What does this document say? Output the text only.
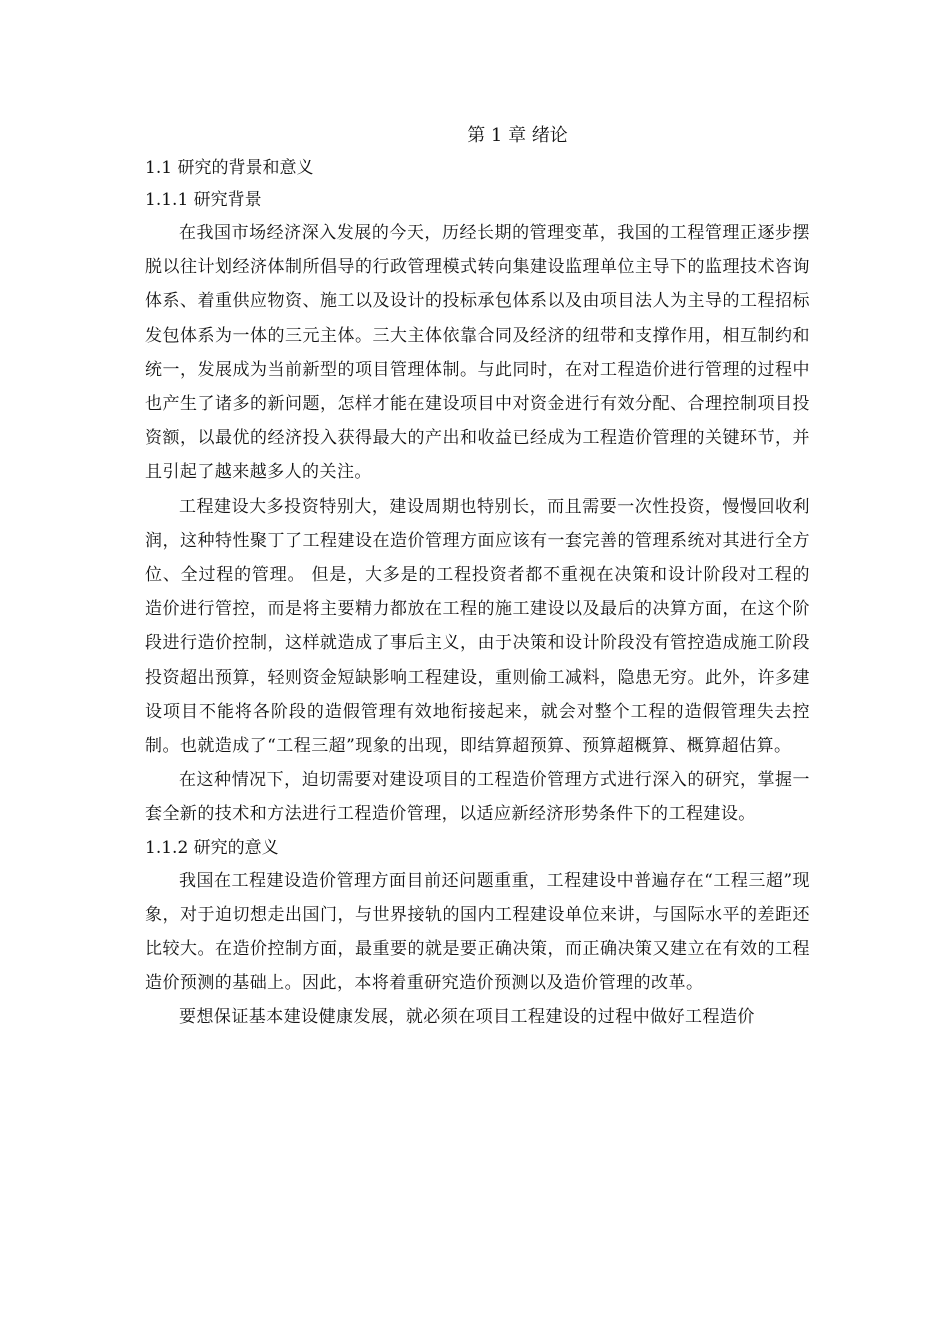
第 1 章 绪论
1.1 研究的背景和意义
1.1.1 研究背景

在我国市场经济深入发展的今天，历经长期的管理变革，我国的工程管理正逐步摆脱以往计划经济体制所倡导的行政管理模式转向集建设监理单位主导下的监理技术咨询体系、着重供应物资、施工以及设计的投标承包体系以及由项目法人为主导的工程招标发包体系为一体的三元主体。三大主体依靠合同及经济的纽带和支撑作用，相互制约和统一，发展成为当前新型的项目管理体制。与此同时，在对工程造价进行管理的过程中也产生了诸多的新问题，怎样才能在建设项目中对资金进行有效分配、合理控制项目投资额，以最优的经济投入获得最大的产出和收益已经成为工程造价管理的关键环节，并且引起了越来越多人的关注。

工程建设大多投资特别大，建设周期也特别长，而且需要一次性投资，慢慢回收利润，这种特性聚丁了工程建设在造价管理方面应该有一套完善的管理系统对其进行全方位、全过程的管理。 但是，大多是的工程投资者都不重视在决策和设计阶段对工程的造价进行管控，而是将主要精力都放在工程的施工建设以及最后的决算方面，在这个阶段进行造价控制，这样就造成了事后主义，由于决策和设计阶段没有管控造成施工阶段投资超出预算，轻则资金短缺影响工程建设，重则偷工减料，隐患无穷。此外，许多建设项目不能将各阶段的造假管理有效地衔接起来，就会对整个工程的造假管理失去控制。也就造成了“工程三超”现象的出现，即结算超预算、预算超概算、概算超估算。

在这种情况下，迫切需要对建设项目的工程造价管理方式进行深入的研究，掌握一套全新的技术和方法进行工程造价管理，以适应新经济形势条件下的工程建设。

1.1.2 研究的意义

我国在工程建设造价管理方面目前还问题重重，工程建设中普遍存在“工程三超”现象，对于迫切想走出国门，与世界接轨的国内工程建设单位来讲，与国际水平的差距还比较大。在造价控制方面，最重要的就是要正确决策，而正确决策又建立在有效的工程造价预测的基础上。因此，本将着重研究造价预测以及造价管理的改革。

要想保证基本建设健康发展，就必须在项目工程建设的过程中做好工程造价
